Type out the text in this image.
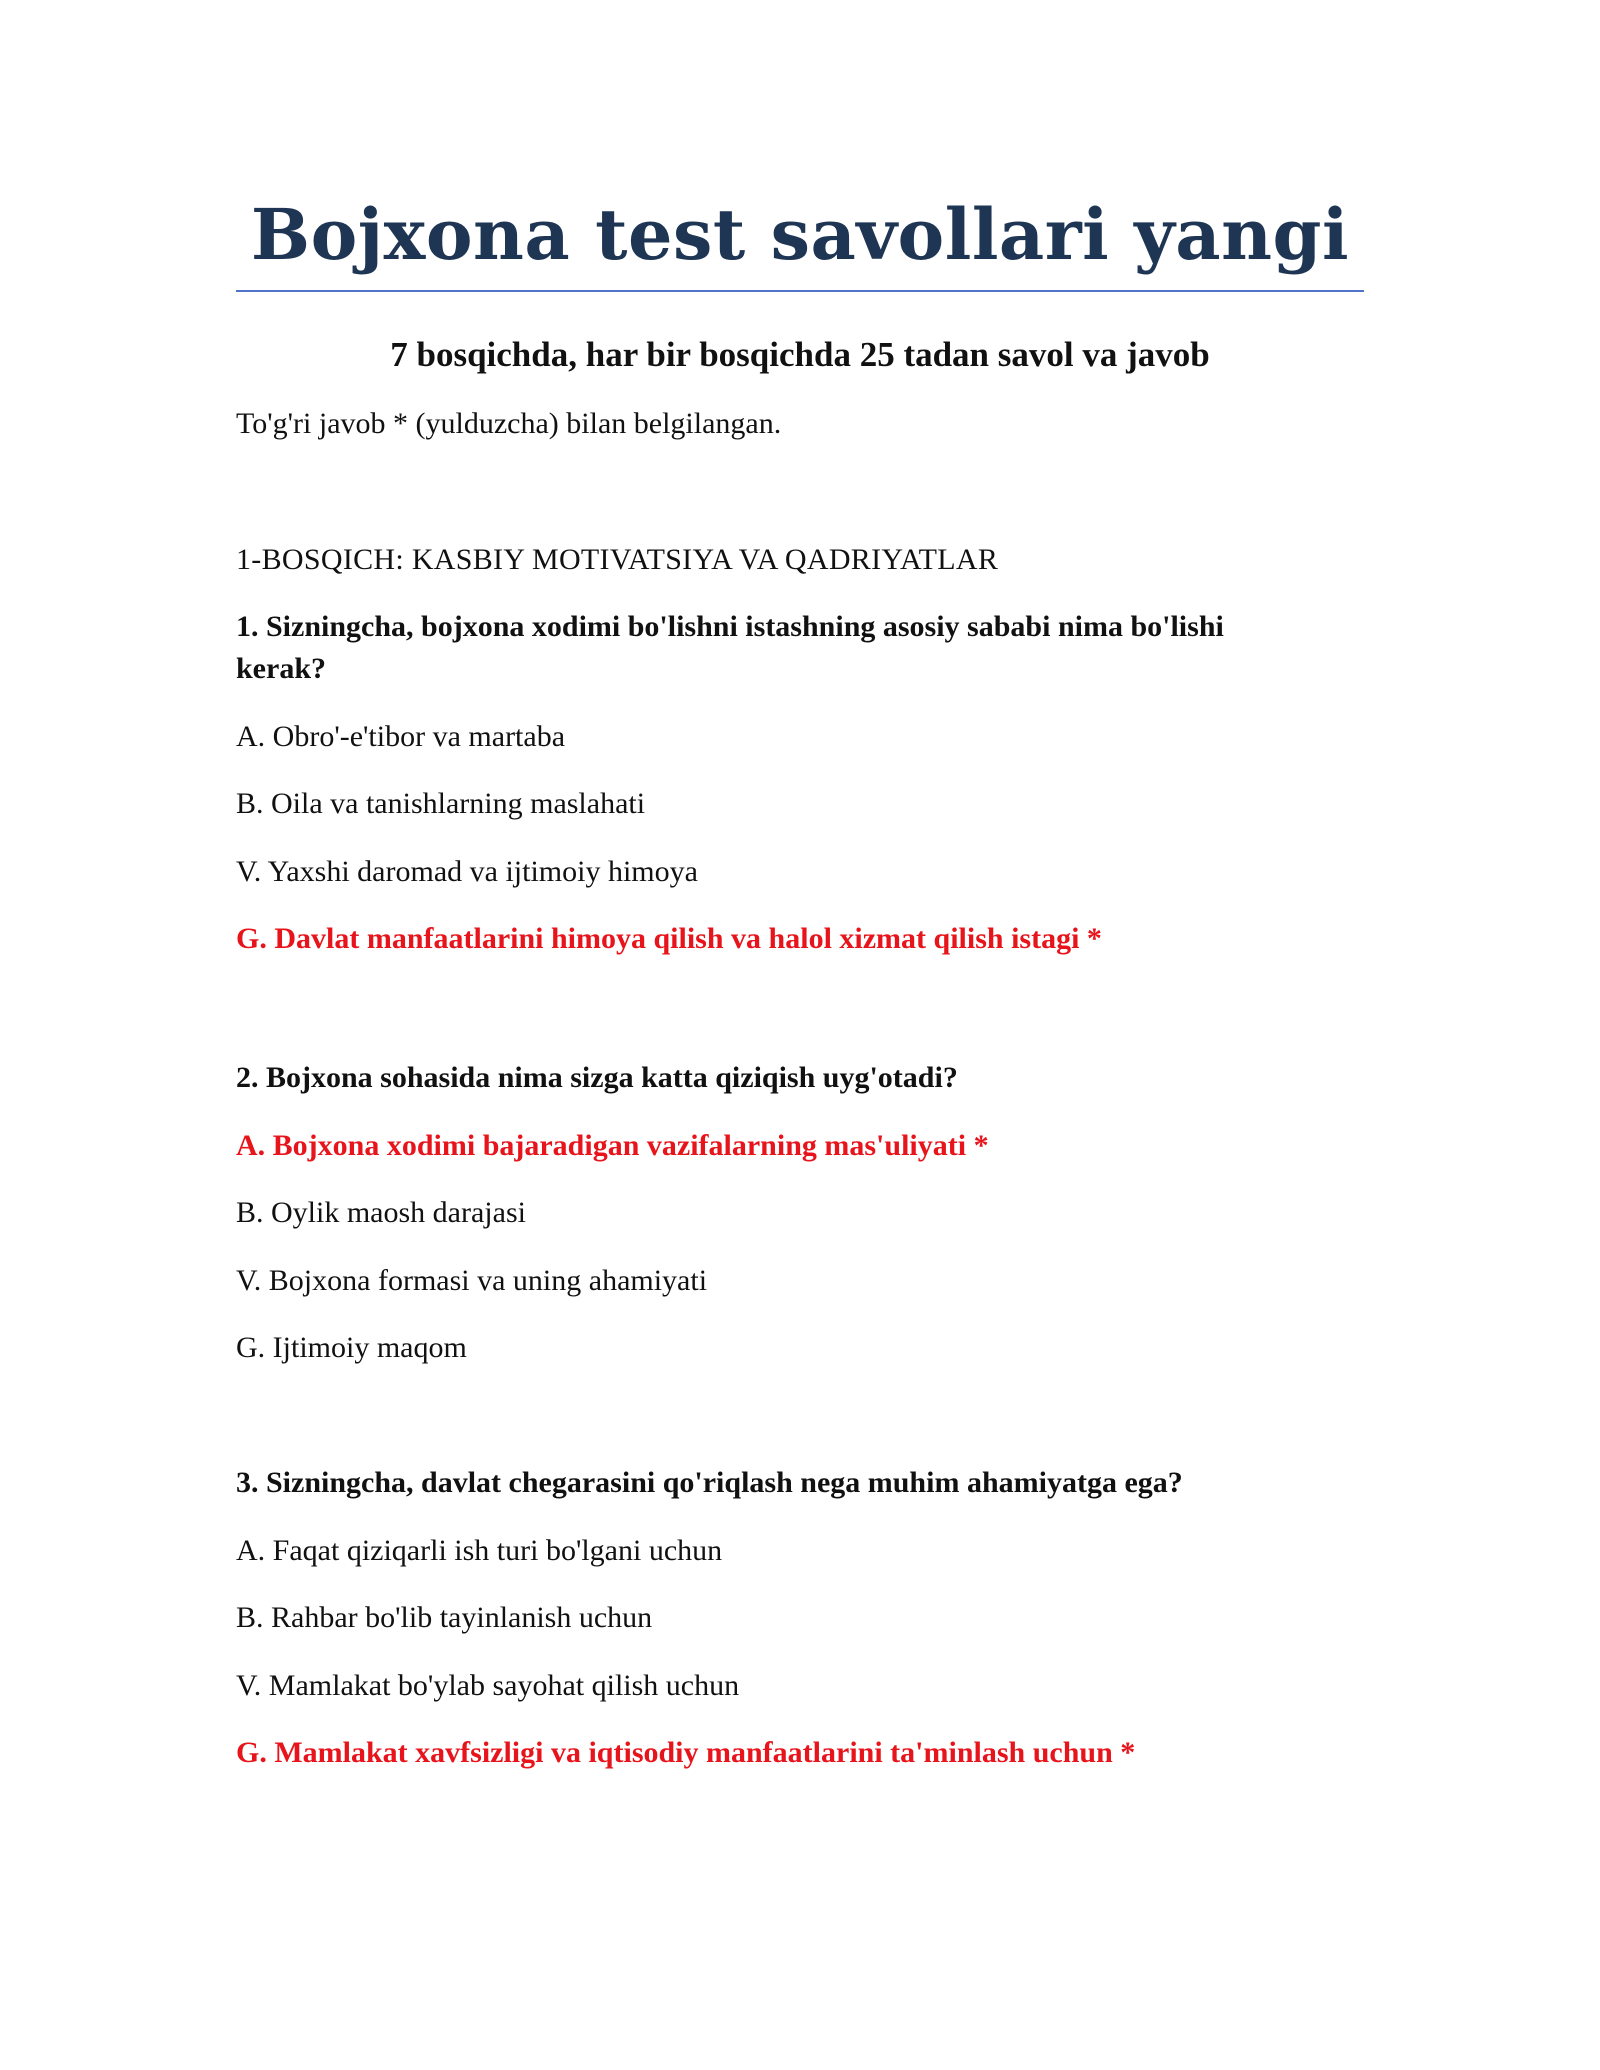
Bojxona test savollari yangi
7 bosqichda, har bir bosqichda 25 tadan savol va javob

To'g'ri javob * (yulduzcha) bilan belgilangan.

1-BOSQICH: KASBIY MOTIVATSIYA VA QADRIYATLAR

1. Sizningcha, bojxona xodimi bo'lishni istashning asosiy sababi nima bo'lishi kerak?

A. Obro'-e'tibor va martaba

B. Oila va tanishlarning maslahati

V. Yaxshi daromad va ijtimoiy himoya

G. Davlat manfaatlarini himoya qilish va halol xizmat qilish istagi *

2. Bojxona sohasida nima sizga katta qiziqish uyg'otadi?

A. Bojxona xodimi bajaradigan vazifalarning mas'uliyati *

B. Oylik maosh darajasi

V. Bojxona formasi va uning ahamiyati

G. Ijtimoiy maqom

3. Sizningcha, davlat chegarasini qo'riqlash nega muhim ahamiyatga ega?

A. Faqat qiziqarli ish turi bo'lgani uchun

B. Rahbar bo'lib tayinlanish uchun

V. Mamlakat bo'ylab sayohat qilish uchun

G. Mamlakat xavfsizligi va iqtisodiy manfaatlarini ta'minlash uchun *
